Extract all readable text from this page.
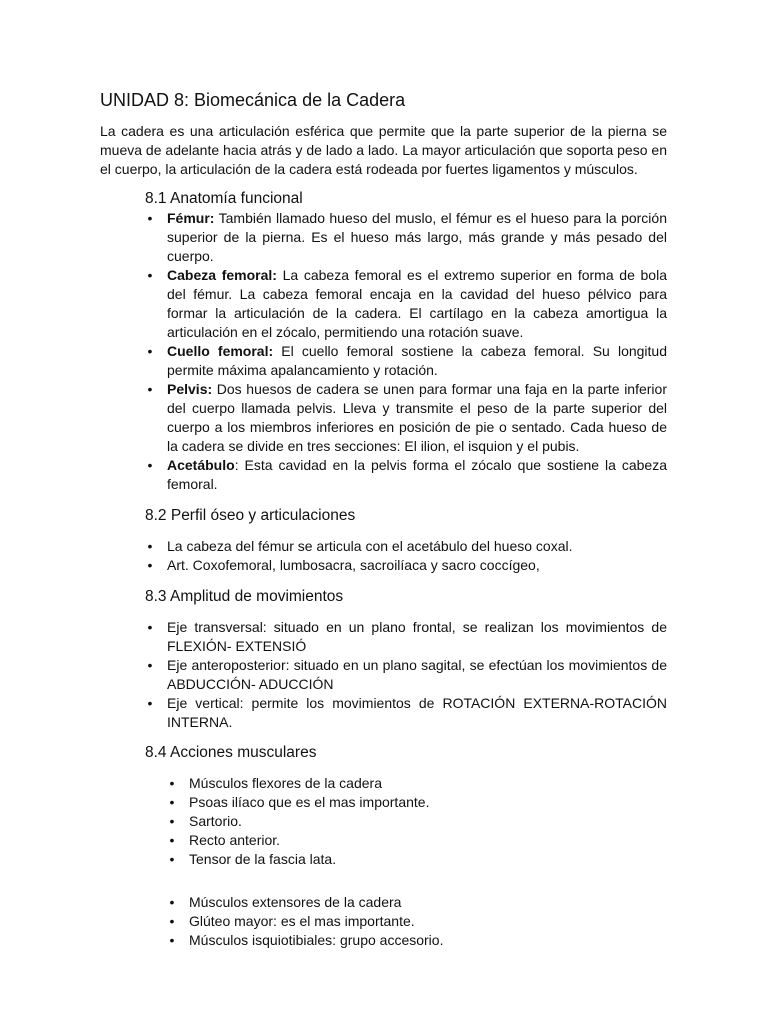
UNIDAD 8: Biomecánica de la Cadera

La cadera es una articulación esférica que permite que la parte superior de la pierna se mueva de adelante hacia atrás y de lado a lado. La mayor articulación que soporta peso en el cuerpo, la articulación de la cadera está rodeada por fuertes ligamentos y músculos.

8.1 Anatomía funcional
• Fémur: También llamado hueso del muslo, el fémur es el hueso para la porción superior de la pierna. Es el hueso más largo, más grande y más pesado del cuerpo.
• Cabeza femoral: La cabeza femoral es el extremo superior en forma de bola del fémur. La cabeza femoral encaja en la cavidad del hueso pélvico para formar la articulación de la cadera. El cartílago en la cabeza amortigua la articulación en el zócalo, permitiendo una rotación suave.
• Cuello femoral: El cuello femoral sostiene la cabeza femoral. Su longitud permite máxima apalancamiento y rotación.
• Pelvis: Dos huesos de cadera se unen para formar una faja en la parte inferior del cuerpo llamada pelvis. Lleva y transmite el peso de la parte superior del cuerpo a los miembros inferiores en posición de pie o sentado. Cada hueso de la cadera se divide en tres secciones: El ilion, el isquion y el pubis.
• Acetábulo: Esta cavidad en la pelvis forma el zócalo que sostiene la cabeza femoral.
8.2 Perfil óseo y articulaciones
• La cabeza del fémur se articula con el acetábulo del hueso coxal.
• Art. Coxofemoral, lumbosacra, sacroilíaca y sacro coccígeo,
8.3 Amplitud de movimientos
• Eje transversal: situado en un plano frontal, se realizan los movimientos de FLEXIÓN- EXTENSIÓ
• Eje anteroposterior: situado en un plano sagital, se efectúan los movimientos de ABDUCCIÓN- ADUCCIÓN
• Eje vertical: permite los movimientos de ROTACIÓN EXTERNA-ROTACIÓN INTERNA.
8.4 Acciones musculares
• Músculos flexores de la cadera
• Psoas ilíaco que es el mas importante.
• Sartorio.
• Recto anterior.
• Tensor de la fascia lata.
• Músculos extensores de la cadera
• Glúteo mayor: es el mas importante.
• Músculos isquiotibiales: grupo accesorio.
